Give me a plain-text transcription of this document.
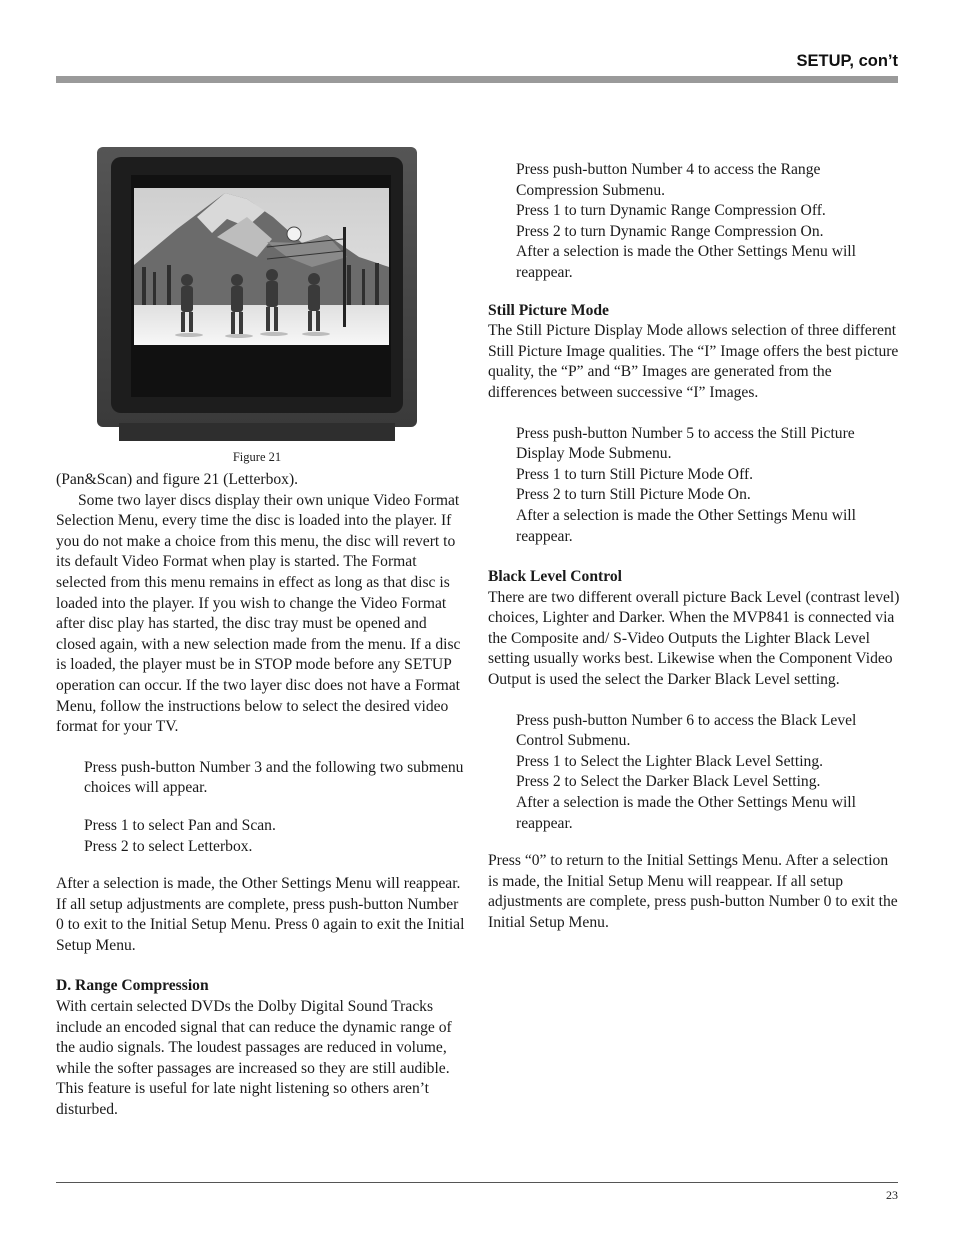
SETUP, con’t
Figure 21

(Pan&Scan) and figure 21 (Letterbox).

Some two layer discs display their own unique Video Format Selection Menu, every time the disc is loaded into the player. If you do not make a choice from this menu, the disc will revert to its default Video Format when play is started. The Format selected from this menu remains in effect as long as that disc is loaded into the player. If you wish to change the Video Format after disc play has started, the disc tray must be opened and closed again, with a new selection made from the menu. If a disc is loaded, the player must be in STOP mode before any SETUP operation can occur. If the two layer disc does not have a Format Menu, follow the instructions below to select the desired video format for your TV.

Press push-button Number 3 and the following two submenu choices will appear.

Press 1 to select Pan and Scan.

Press 2 to select Letterbox.

After a selection is made, the Other Settings Menu will reappear. If all setup adjustments are complete, press push-button Number 0 to exit to the Initial Setup Menu. Press 0 again to exit the Initial Setup Menu.

D. Range Compression

With certain selected DVDs the Dolby Digital Sound Tracks include an encoded signal that can reduce the dynamic range of the audio signals. The loudest passages are reduced in volume, while the softer passages are increased so they are still audible. This feature is useful for late night listening so others aren’t disturbed.

Press push-button Number 4 to access the Range Compression Submenu.

Press 1 to turn Dynamic Range Compression Off.

Press 2 to turn Dynamic Range Compression On.

After a selection is made the Other Settings Menu will reappear.

Still Picture Mode

The Still Picture Display Mode allows selection of three different Still Picture Image qualities. The “I” Image offers the best picture quality, the “P” and “B” Images are generated from the differences between successive “I” Images.

Press push-button Number 5 to access the Still Picture Display Mode Submenu.

Press 1 to turn Still Picture Mode Off.

Press 2 to turn Still Picture Mode On.

After a selection is made the Other Settings Menu will reappear.

Black Level Control

There are two different overall picture Back Level (contrast level) choices, Lighter and Darker. When the MVP841 is connected via the Composite and/ S-Video Outputs the Lighter Black Level setting usually works best. Likewise when the Component Video Output is used the select the Darker Black Level setting.

Press push-button Number 6 to access the Black Level Control Submenu.

Press 1 to Select the Lighter Black Level Setting.

Press 2 to Select the Darker Black Level Setting.

After a selection is made the Other Settings Menu will reappear.

Press “0” to return to the Initial Settings Menu. After a selection is made, the Initial Setup Menu will reappear. If all setup adjustments are complete, press push-button Number 0 to exit the Initial Setup Menu.

23
